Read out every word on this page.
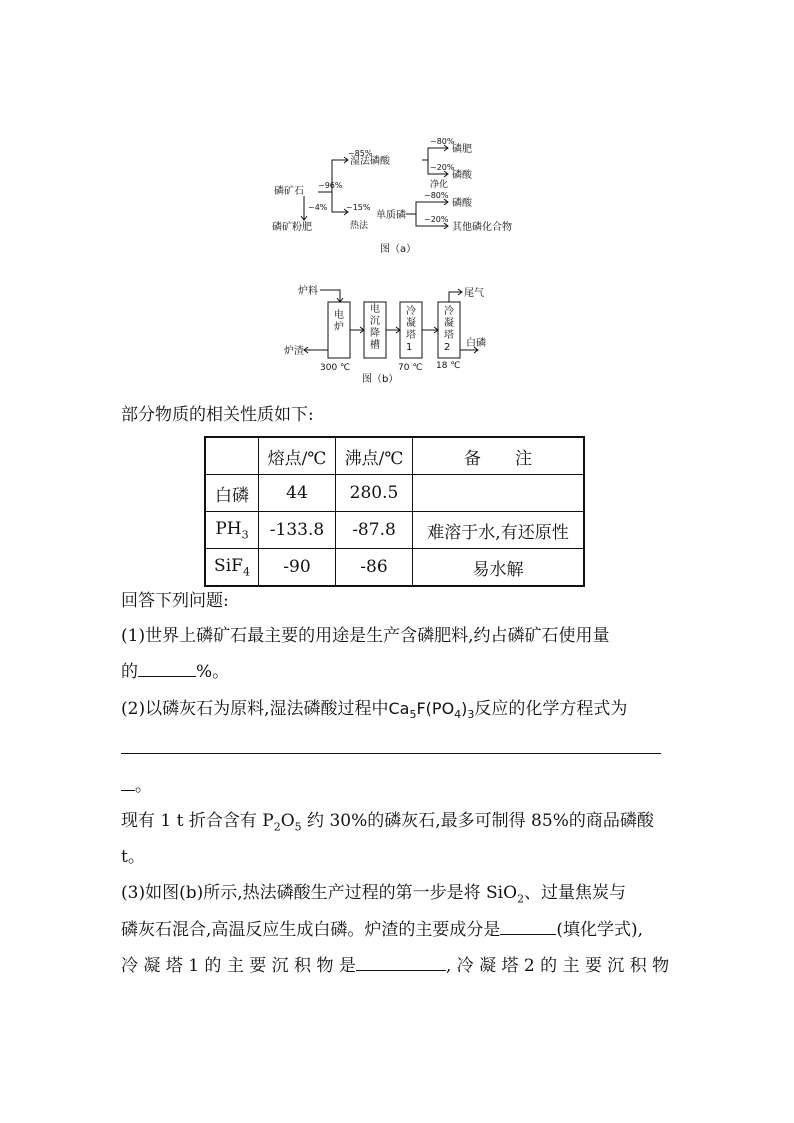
磷矿石
磷矿粉肥
~4%
~96%
~85%
湿法磷酸
~15%
热法
单质磷
~80%
磷肥
~20%
磷酸
净化
~80%
磷酸
~20%
其他磷化合物
图（a）
炉料
炉渣
尾气
白磷
300 ℃	70 ℃ 18 ℃
图（b）
电炉
电沉降槽
冷凝塔 1
冷凝塔 2
部分物质的相关性质如下:
	熔点/℃	沸点/℃	备　　注
白磷	44	280.5	
$PH_3$	-133.8	-87.8	难溶于水,有还原性
SiF$_4$	-90	-86	易水解
回答下列问题:
(1)世界上磷矿石最主要的用途是生产含磷肥料,约占磷矿石使用量
的	%。
(2)以磷灰石为原料,湿法磷酸过程中$Ca_5F(PO_4)_3$反应的化学方程式为
。
现有 1 t 折合含有 $P_2O_5$ 约 30%的磷灰石,最多可制得 85%的商品磷酸
t。
(3)如图(b)所示,热法磷酸生产过程的第一步是将 SiO$_2$、过量焦炭与
磷灰石混合,高温反应生成白磷。炉渣的主要成分是	(填化学式),
冷 凝 塔 1 的 主 要 沉 积 物 是	, 冷 凝 塔 2 的 主 要 沉 积 物
